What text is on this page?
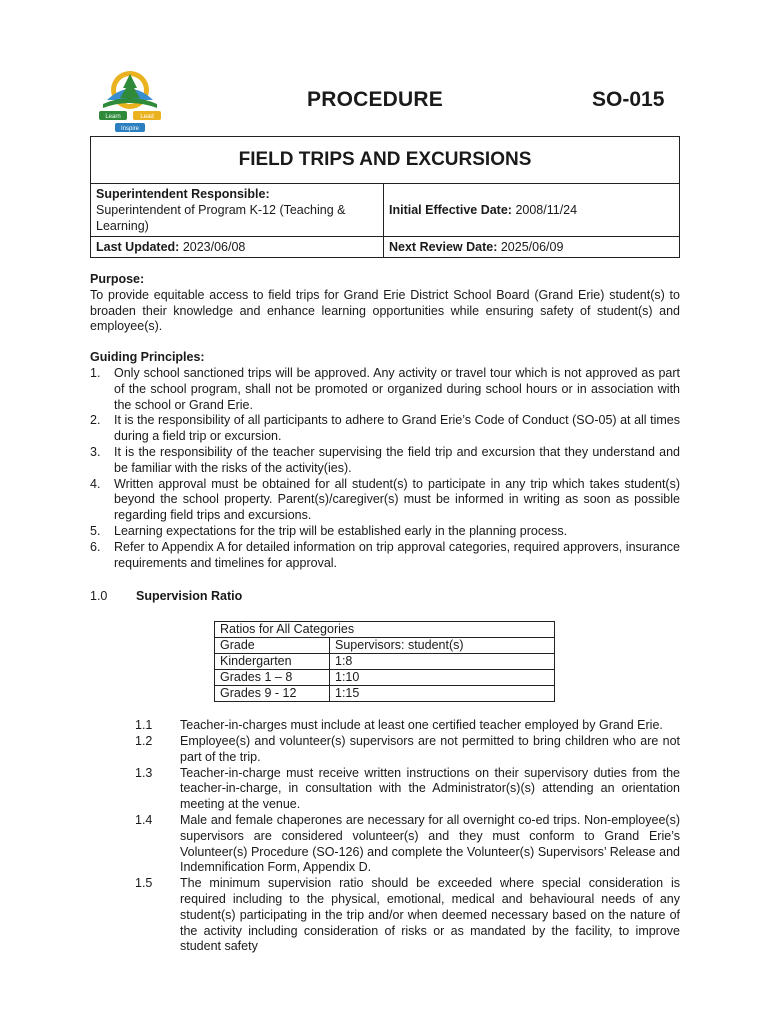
Learn	Lead
Inspire
PROCEDURE	SO-015
FIELD TRIPS AND EXCURSIONS
Superintendent Responsible:
Superintendent of Program K-12 (Teaching & Learning)
Initial Effective Date: 2008/11/24
Last Updated: 2023/06/08	Next Review Date: 2025/06/09
Purpose:
To provide equitable access to field trips for Grand Erie District School Board (Grand Erie) student(s) to broaden their knowledge and enhance learning opportunities while ensuring safety of student(s) and employee(s).
Guiding Principles:
1.	Only school sanctioned trips will be approved. Any activity or travel tour which is not approved as part of the school program, shall not be promoted or organized during school hours or in association with the school or Grand Erie.
2.	It is the responsibility of all participants to adhere to Grand Erie’s Code of Conduct (SO-05) at all times during a field trip or excursion.
3.	It is the responsibility of the teacher supervising the field trip and excursion that they understand and be familiar with the risks of the activity(ies).
4.	Written approval must be obtained for all student(s) to participate in any trip which takes student(s) beyond the school property. Parent(s)/caregiver(s) must be informed in writing as soon as possible regarding field trips and excursions.
5.	Learning expectations for the trip will be established early in the planning process.
6.	Refer to Appendix A for detailed information on trip approval categories, required approvers, insurance requirements and timelines for approval.
1.0	Supervision Ratio
Ratios for All Categories	
Grade	Supervisors: student(s)
Kindergarten	1:8
Grades 1 – 8	1:10
Grades 9 - 12	1:15
1.1	Teacher-in-charges must include at least one certified teacher employed by Grand Erie.
1.2	Employee(s) and volunteer(s) supervisors are not permitted to bring children who are not part of the trip.
1.3	Teacher-in-charge must receive written instructions on their supervisory duties from the teacher-in-charge, in consultation with the Administrator(s)(s) attending an orientation meeting at the venue.
1.4	Male and female chaperones are necessary for all overnight co-ed trips. Non-employee(s) supervisors are considered volunteer(s) and they must conform to Grand Erie’s Volunteer(s) Procedure (SO-126) and complete the Volunteer(s) Supervisors’ Release and Indemnification Form, Appendix D.
1.5	The minimum supervision ratio should be exceeded where special consideration is required including to the physical, emotional, medical and behavioural needs of any student(s) participating in the trip and/or when deemed necessary based on the nature of the activity including consideration of risks or as mandated by the facility, to improve student safety
